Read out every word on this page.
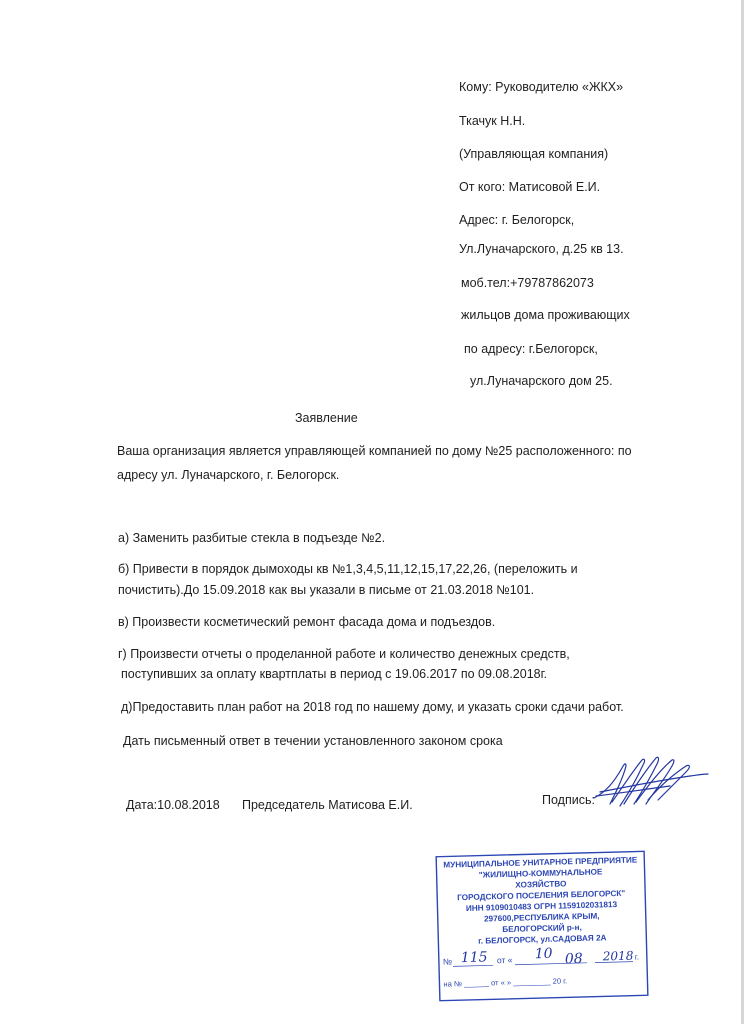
Кому: Руководителю «ЖКХ»
Ткачук Н.Н.
(Управляющая компания)
От кого: Матисовой Е.И.
Адрес: г. Белогорск,
Ул.Луначарского, д.25 кв 13.
моб.тел:+79787862073
жильцов дома проживающих
по адресу: г.Белогорск,
ул.Луначарского дом 25.
Заявление
Ваша организация является управляющей компанией по дому №25 расположенного: по
адресу ул. Луначарского, г. Белогорск.
а) Заменить разбитые стекла в подъезде №2.
б) Привести в порядок дымоходы кв №1,3,4,5,11,12,15,17,22,26, (переложить и
почистить).До 15.09.2018 как вы указали в письме от 21.03.2018 №101.
в) Произвести косметический ремонт фасада дома и подъездов.
г) Произвести отчеты о проделанной работе и количество денежных средств,
поступивших за оплату квартплаты в период с 19.06.2017 по 09.08.2018г.
д)Предоставить план работ на 2018 год по нашему дому, и указать сроки сдачи работ.
Дать письменный ответ в течении установленного законом срока
Дата:10.08.2018 Председатель Матисова Е.И.	Подпись:
МУНИЦИПАЛЬНОЕ УНИТАРНОЕ ПРЕДПРИЯТИЕ
"ЖИЛИЩНО-КОММУНАЛЬНОЕ
ХОЗЯЙСТВО
ГОРОДСКОГО ПОСЕЛЕНИЯ БЕЛОГОРСК"
ИНН 9109010483 ОГРН 1159102031813
297600,РЕСПУБЛИКА КРЫМ,
БЕЛОГОРСКИЙ р-н,
г. БЕЛОГОРСК, ул.САДОВАЯ 2А
№	от «
на № ______ от « » _________ 20 г.
115	10 08 2018 г.
